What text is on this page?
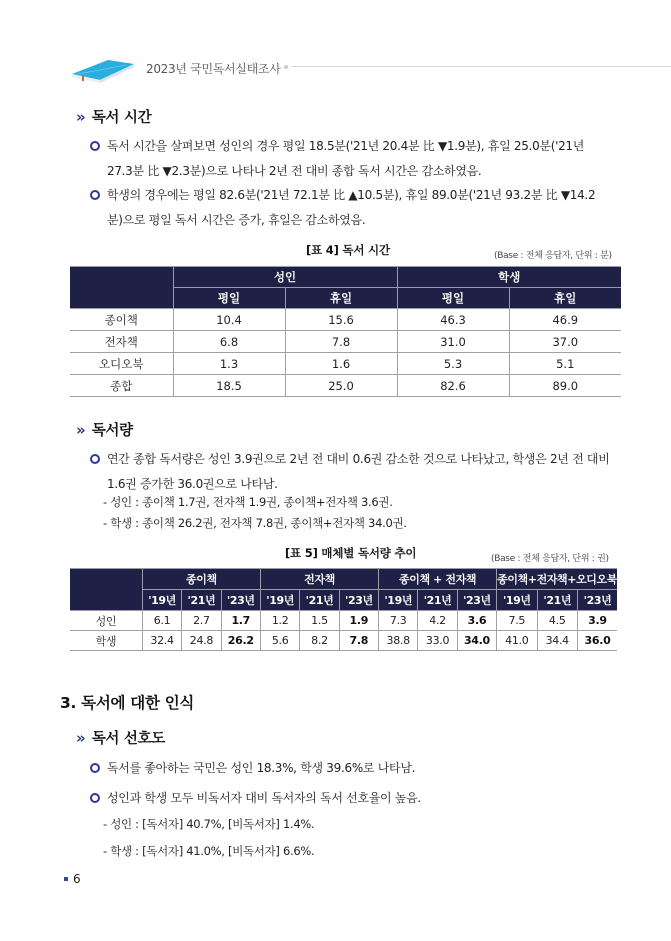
2023년 국민독서실태조사
» 독서 시간
독서 시간을 살펴보면 성인의 경우 평일 18.5분('21년 20.4분 比 ▼1.9분), 휴일 25.0분('21년 27.3분 比 ▼2.3분)으로 나타나 2년 전 대비 종합 독서 시간은 감소하였음.
학생의 경우에는 평일 82.6분('21년 72.1분 比 ▲10.5분), 휴일 89.0분('21년 93.2분 比 ▼14.2분)으로 평일 독서 시간은 증가, 휴일은 감소하였음.
[표 4] 독서 시간	(Base : 전체 응답자, 단위 : 분)
	성인		학생	
	평일	휴일	평일	휴일
종이책	10.4	15.6	46.3	46.9
전자책	6.8	7.8	31.0	37.0
오디오북	1.3	1.6	5.3	5.1
종합	18.5	25.0	82.6	89.0
» 독서량
연간 종합 독서량은 성인 3.9권으로 2년 전 대비 0.6권 감소한 것으로 나타났고, 학생은 2년 전 대비 1.6권 증가한 36.0권으로 나타남.
- 성인 : 종이책 1.7권, 전자책 1.9권, 종이책+전자책 3.6권.
- 학생 : 종이책 26.2권, 전자책 7.8권, 종이책+전자책 34.0권.
[표 5] 매체별 독서량 추이	(Base : 전체 응답자, 단위 : 권)
	종이책			전자책			종이책 + 전자책			종이책+전자책+오디오북		
	'19년	'21년	'23년	'19년	'21년	'23년	'19년	'21년	'23년	'19년	'21년	'23년
성인	6.1	2.7	1.7	1.2	1.5	1.9	7.3	4.2	3.6	7.5	4.5	3.9
학생	32.4	24.8	26.2	5.6	8.2	7.8	38.8	33.0	34.0	41.0	34.4	36.0
3. 독서에 대한 인식
» 독서 선호도
독서를 좋아하는 국민은 성인 18.3%, 학생 39.6%로 나타남.
성인과 학생 모두 비독서자 대비 독서자의 독서 선호율이 높음.
- 성인 : [독서자] 40.7%, [비독서자] 1.4%.
- 학생 : [독서자] 41.0%, [비독서자] 6.6%.
6
